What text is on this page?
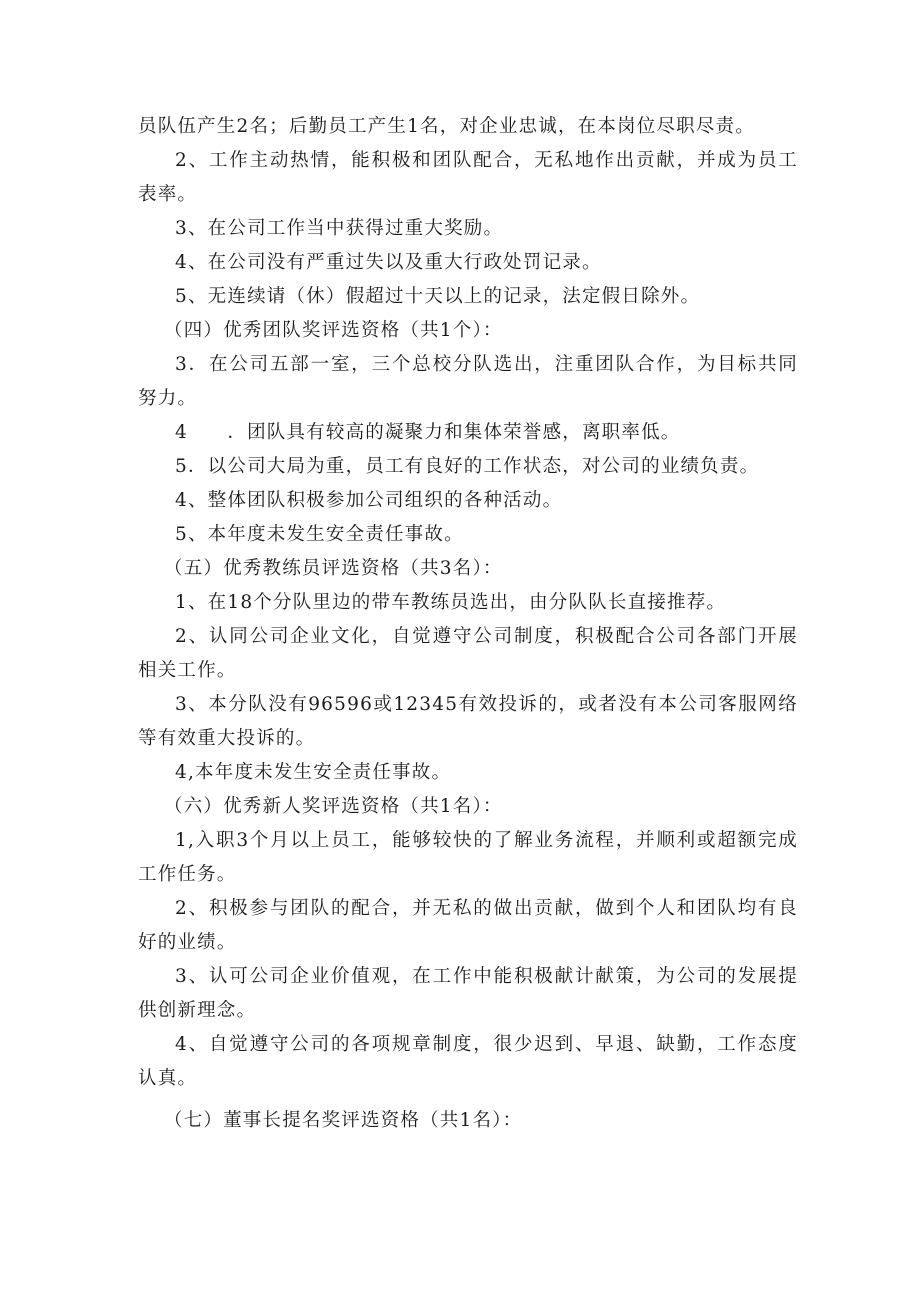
员队伍产生2名；后勤员工产生1名，对企业忠诚，在本岗位尽职尽责。

2、工作主动热情，能积极和团队配合，无私地作出贡献，并成为员工表率。

3、在公司工作当中获得过重大奖励。

4、在公司没有严重过失以及重大行政处罚记录。

5、无连续请（休）假超过十天以上的记录，法定假日除外。

（四）优秀团队奖评选资格（共1个）：

3．在公司五部一室，三个总校分队选出，注重团队合作，为目标共同努力。

4　　．团队具有较高的凝聚力和集体荣誉感，离职率低。

5．以公司大局为重，员工有良好的工作状态，对公司的业绩负责。

4、整体团队积极参加公司组织的各种活动。

5、本年度未发生安全责任事故。

（五）优秀教练员评选资格（共3名）：

1、在18个分队里边的带车教练员选出，由分队队长直接推荐。

2、认同公司企业文化，自觉遵守公司制度，积极配合公司各部门开展相关工作。

3、本分队没有96596或12345有效投诉的，或者没有本公司客服网络等有效重大投诉的。

4,本年度未发生安全责任事故。

（六）优秀新人奖评选资格（共1名）：

1,入职3个月以上员工，能够较快的了解业务流程，并顺利或超额完成工作任务。

2、积极参与团队的配合，并无私的做出贡献，做到个人和团队均有良好的业绩。

3、认可公司企业价值观，在工作中能积极献计献策，为公司的发展提供创新理念。

4、自觉遵守公司的各项规章制度，很少迟到、早退、缺勤，工作态度认真。

（七）董事长提名奖评选资格（共1名）：
